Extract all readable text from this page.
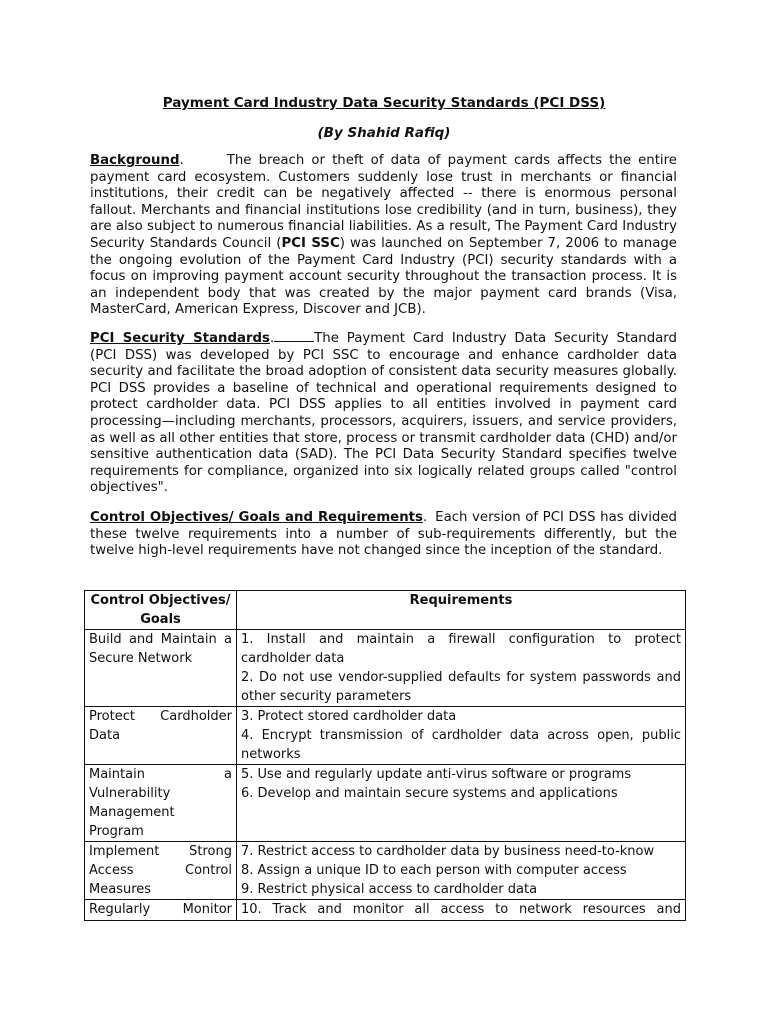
Payment Card Industry Data Security Standards (PCI DSS)
(By Shahid Rafiq)

Background.	The breach or theft of data of payment cards affects the entire payment card ecosystem. Customers suddenly lose trust in merchants or financial institutions, their credit can be negatively affected -- there is enormous personal fallout. Merchants and financial institutions lose credibility (and in turn, business), they are also subject to numerous financial liabilities. As a result, The Payment Card Industry Security Standards Council (PCI SSC) was launched on September 7, 2006 to manage the ongoing evolution of the Payment Card Industry (PCI) security standards with a focus on improving payment account security throughout the transaction process. It is an independent body that was created by the major payment card brands (Visa, MasterCard, American Express, Discover and JCB).

PCI Security Standards.	The Payment Card Industry Data Security Standard (PCI DSS) was developed by PCI SSC to encourage and enhance cardholder data security and facilitate the broad adoption of consistent data security measures globally. PCI DSS provides a baseline of technical and operational requirements designed to protect cardholder data. PCI DSS applies to all entities involved in payment card processing—including merchants, processors, acquirers, issuers, and service providers, as well as all other entities that store, process or transmit cardholder data (CHD) and/or sensitive authentication data (SAD). The PCI Data Security Standard specifies twelve requirements for compliance, organized into six logically related groups called "control objectives".

Control Objectives/ Goals and Requirements. Each version of PCI DSS has divided these twelve requirements into a number of sub-requirements differently, but the twelve high-level requirements have not changed since the inception of the standard.

Control Objectives/ Goals	Requirements
Build and Maintain a Secure Network	1. Install and maintain a firewall configuration to protect cardholder data
2. Do not use vendor-supplied defaults for system passwords and other security parameters

Protect Cardholder Data	3. Protect stored cardholder data
4. Encrypt transmission of cardholder data across open, public networks

Maintain a Vulnerability Management Program	5. Use and regularly update anti-virus software or programs
6. Develop and maintain secure systems and applications

Implement Strong Access Control Measures	7. Restrict access to cardholder data by business need-to-know
8. Assign a unique ID to each person with computer access
9. Restrict physical access to cardholder data

Regularly Monitor	10. Track and monitor all access to network resources and
